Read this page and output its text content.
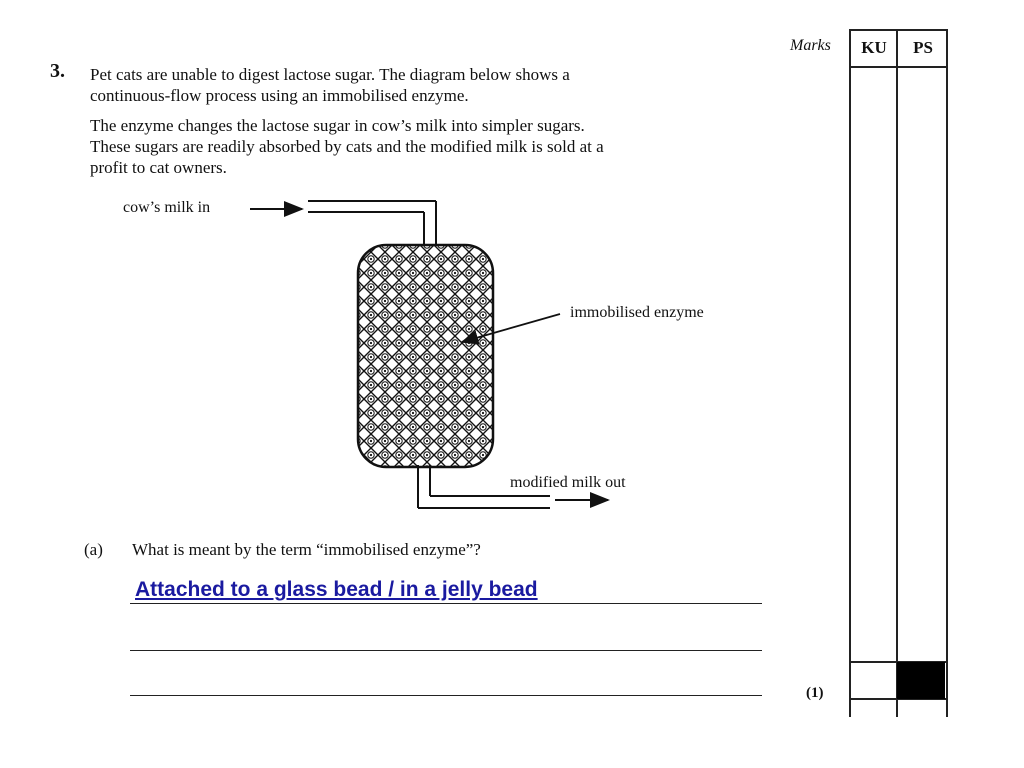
3. Pet cats are unable to digest lactose sugar. The diagram below shows a
continuous-flow process using an immobilised enzyme.
The enzyme changes the lactose sugar in cow’s milk into simpler sugars.
These sugars are readily absorbed by cats and the modified milk is sold at a
profit to cat owners.
cow’s milk in
immobilised enzyme
modified milk out
(a) What is meant by the term “immobilised enzyme”?
Attached to a glass bead / in a jelly bead
(1)
Marks	KU	PS
